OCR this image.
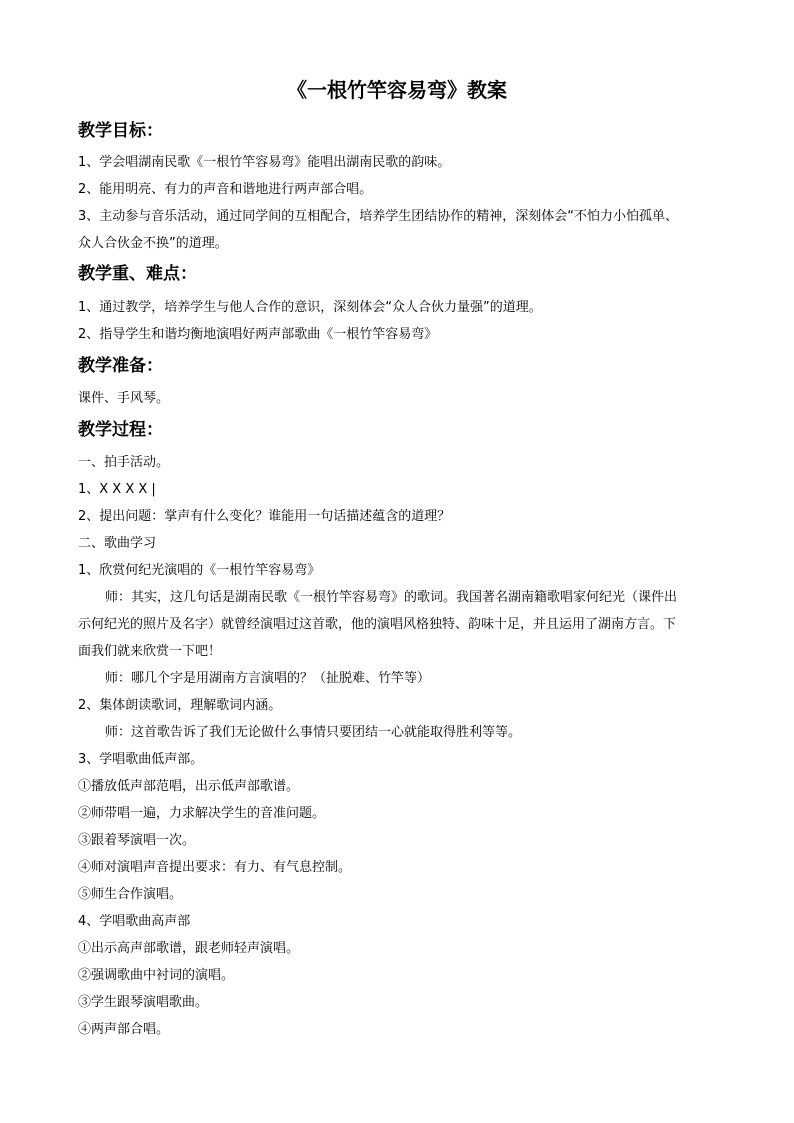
《一根竹竿容易弯》教案
教学目标：
1、学会唱湖南民歌《一根竹竿容易弯》能唱出湖南民歌的韵味。
2、能用明亮、有力的声音和谐地进行两声部合唱。
3、主动参与音乐活动，通过同学间的互相配合，培养学生团结协作的精神，深刻体会“不怕力小怕孤单、
众人合伙金不换”的道理。
教学重、难点：
1、通过教学，培养学生与他人合作的意识，深刻体会“众人合伙力量强”的道理。
2、指导学生和谐均衡地演唱好两声部歌曲《一根竹竿容易弯》
教学准备：
课件、手风琴。
教学过程：
一、拍手活动。
1、X X X X |
2、提出问题：掌声有什么变化？谁能用一句话描述蕴含的道理？
二、歌曲学习
1、欣赏何纪光演唱的《一根竹竿容易弯》
师：其实，这几句话是湖南民歌《一根竹竿容易弯》的歌词。我国著名湖南籍歌唱家何纪光（课件出
示何纪光的照片及名字）就曾经演唱过这首歌，他的演唱风格独特、韵味十足，并且运用了湖南方言。下
面我们就来欣赏一下吧！
师：哪几个字是用湖南方言演唱的？（扯脱难、竹竿等）
2、集体朗读歌词，理解歌词内涵。
师：这首歌告诉了我们无论做什么事情只要团结一心就能取得胜利等等。
3、学唱歌曲低声部。
①播放低声部范唱，出示低声部歌谱。
②师带唱一遍，力求解决学生的音准问题。
③跟着琴演唱一次。
④师对演唱声音提出要求：有力、有气息控制。
⑤师生合作演唱。
4、学唱歌曲高声部
①出示高声部歌谱，跟老师轻声演唱。
②强调歌曲中衬词的演唱。
③学生跟琴演唱歌曲。
④两声部合唱。
